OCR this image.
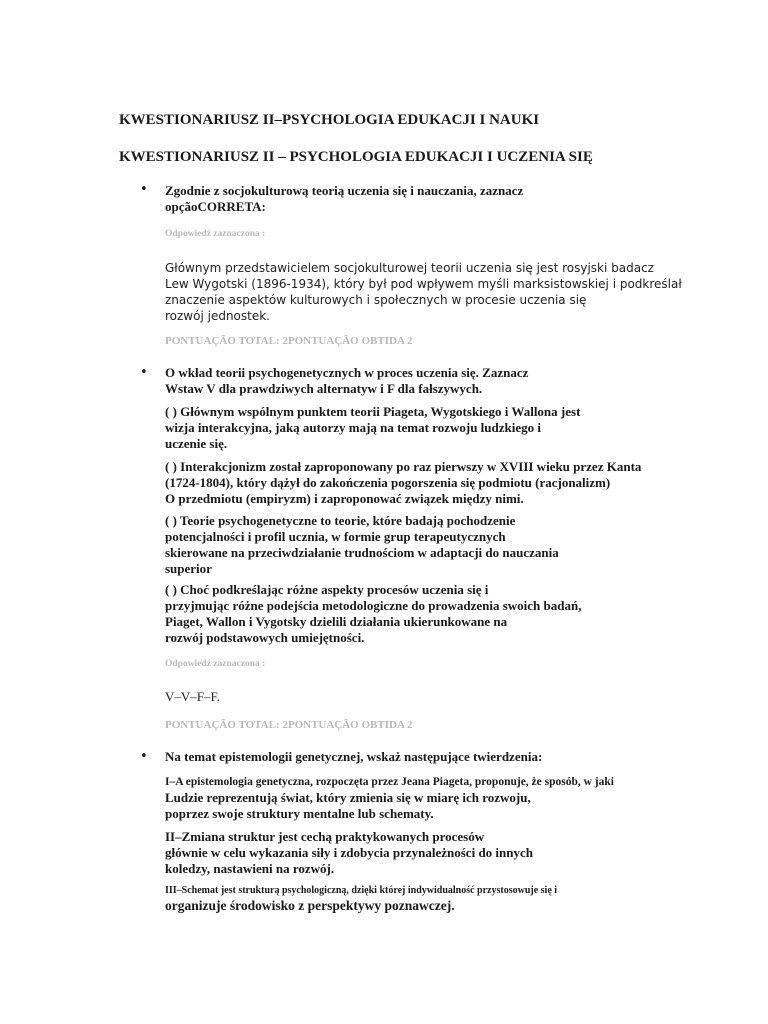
KWESTIONARIUSZ II–PSYCHOLOGIA EDUKACJI I NAUKI
KWESTIONARIUSZ II – PSYCHOLOGIA EDUKACJI I UCZENIA SIĘ
• Zgodnie z socjokulturową teorią uczenia się i nauczania, zaznacz
opçãoCORRETA:
Odpowiedź zaznaczona :
Głównym przedstawicielem socjokulturowej teorii uczenia się jest rosyjski badacz
Lew Wygotski (1896-1934), który był pod wpływem myśli marksistowskiej i podkreślał
znaczenie aspektów kulturowych i społecznych w procesie uczenia się
rozwój jednostek.
PONTUAÇÃO TOTAL: 2PONTUAÇÃO OBTIDA 2
• O wkład teorii psychogenetycznych w proces uczenia się. Zaznacz
Wstaw V dla prawdziwych alternatyw i F dla fałszywych.
( ) Głównym wspólnym punktem teorii Piageta, Wygotskiego i Wallona jest
wizja interakcyjna, jaką autorzy mają na temat rozwoju ludzkiego i
uczenie się.
( ) Interakcjonizm został zaproponowany po raz pierwszy w XVIII wieku przez Kanta
(1724-1804), który dążył do zakończenia pogorszenia się podmiotu (racjonalizm)
O przedmiotu (empiryzm) i zaproponować związek między nimi.
( ) Teorie psychogenetyczne to teorie, które badają pochodzenie
potencjalności i profil ucznia, w formie grup terapeutycznych
skierowane na przeciwdziałanie trudnościom w adaptacji do nauczania
superior
( ) Choć podkreślając różne aspekty procesów uczenia się i
przyjmując różne podejścia metodologiczne do prowadzenia swoich badań,
Piaget, Wallon i Vygotsky dzielili działania ukierunkowane na
rozwój podstawowych umiejętności.
Odpowiedź zaznaczona :
V–V–F–F.
PONTUAÇÃO TOTAL: 2PONTUAÇÃO OBTIDA 2
• Na temat epistemologii genetycznej, wskaż następujące twierdzenia:
I–A epistemologia genetyczna, rozpoczęta przez Jeana Piageta, proponuje, że sposób, w jaki
Ludzie reprezentują świat, który zmienia się w miarę ich rozwoju,
poprzez swoje struktury mentalne lub schematy.
II–Zmiana struktur jest cechą praktykowanych procesów
głównie w celu wykazania siły i zdobycia przynależności do innych
koledzy, nastawieni na rozwój.
III–Schemat jest strukturą psychologiczną, dzięki której indywidualność przystosowuje się i
organizuje środowisko z perspektywy poznawczej.
